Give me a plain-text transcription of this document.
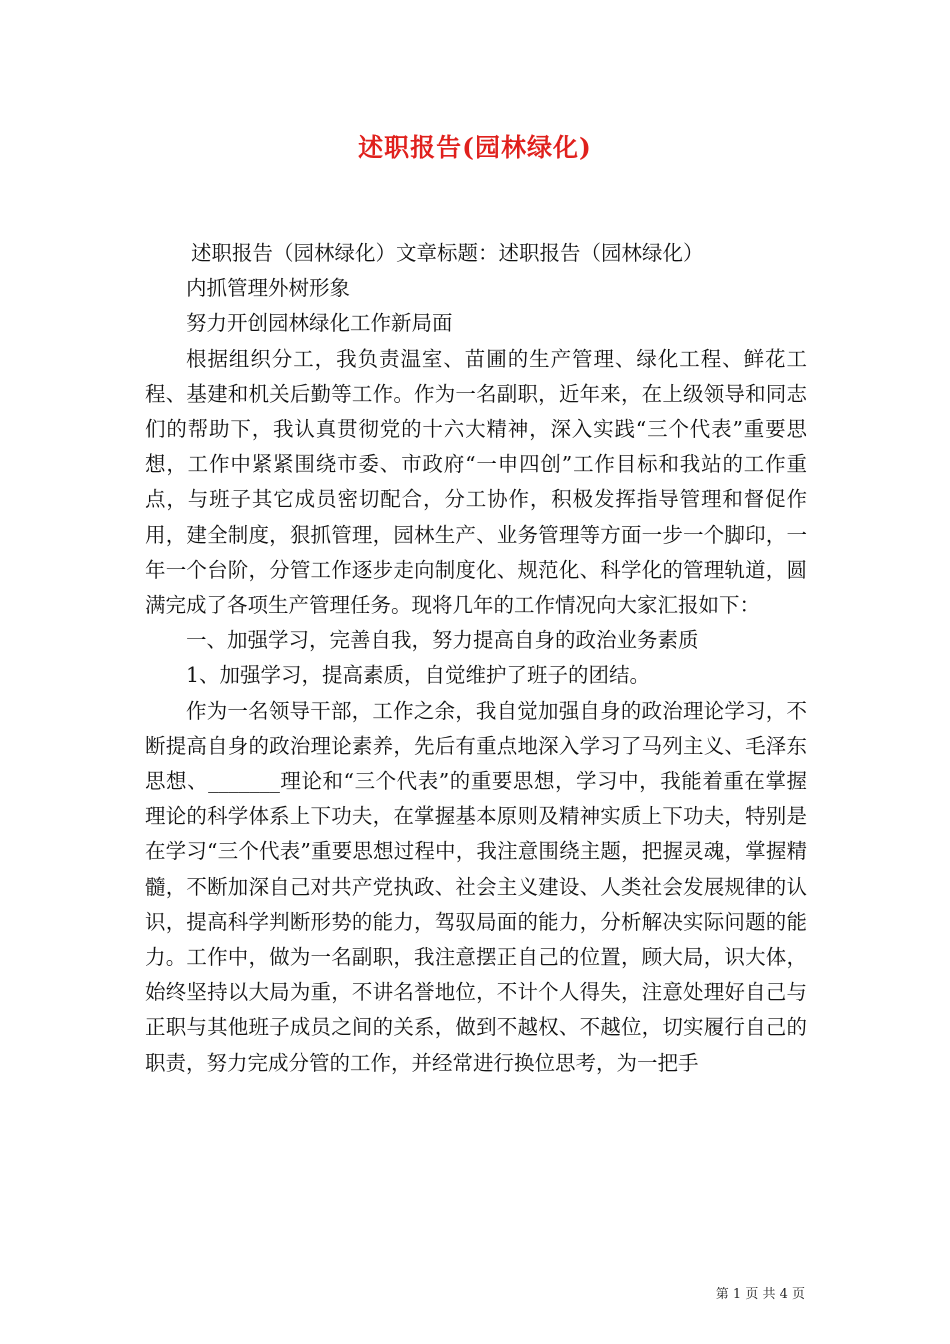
述职报告(园林绿化)

述职报告（园林绿化）文章标题：述职报告（园林绿化）

内抓管理外树形象

努力开创园林绿化工作新局面

根据组织分工，我负责温室、苗圃的生产管理、绿化工程、鲜花工程、基建和机关后勤等工作。作为一名副职，近年来，在上级领导和同志们的帮助下，我认真贯彻党的十六大精神，深入实践“三个代表”重要思想，工作中紧紧围绕市委、市政府“一申四创”工作目标和我站的工作重点，与班子其它成员密切配合，分工协作，积极发挥指导管理和督促作用，建全制度，狠抓管理，园林生产、业务管理等方面一步一个脚印，一年一个台阶，分管工作逐步走向制度化、规范化、科学化的管理轨道，圆满完成了各项生产管理任务。现将几年的工作情况向大家汇报如下：

一、加强学习，完善自我，努力提高自身的政治业务素质

1、加强学习，提高素质，自觉维护了班子的团结。

作为一名领导干部，工作之余，我自觉加强自身的政治理论学习，不断提高自身的政治理论素养，先后有重点地深入学习了马列主义、毛泽东思想、_______理论和“三个代表”的重要思想，学习中，我能着重在掌握理论的科学体系上下功夫，在掌握基本原则及精神实质上下功夫，特别是在学习“三个代表”重要思想过程中，我注意围绕主题，把握灵魂，掌握精髓，不断加深自己对共产党执政、社会主义建设、人类社会发展规律的认识，提高科学判断形势的能力，驾驭局面的能力，分析解决实际问题的能力。工作中，做为一名副职，我注意摆正自己的位置，顾大局，识大体，始终坚持以大局为重，不讲名誉地位，不计个人得失，注意处理好自己与正职与其他班子成员之间的关系，做到不越权、不越位，切实履行自己的职责，努力完成分管的工作，并经常进行换位思考，为一把手

第 1 页 共 4 页
